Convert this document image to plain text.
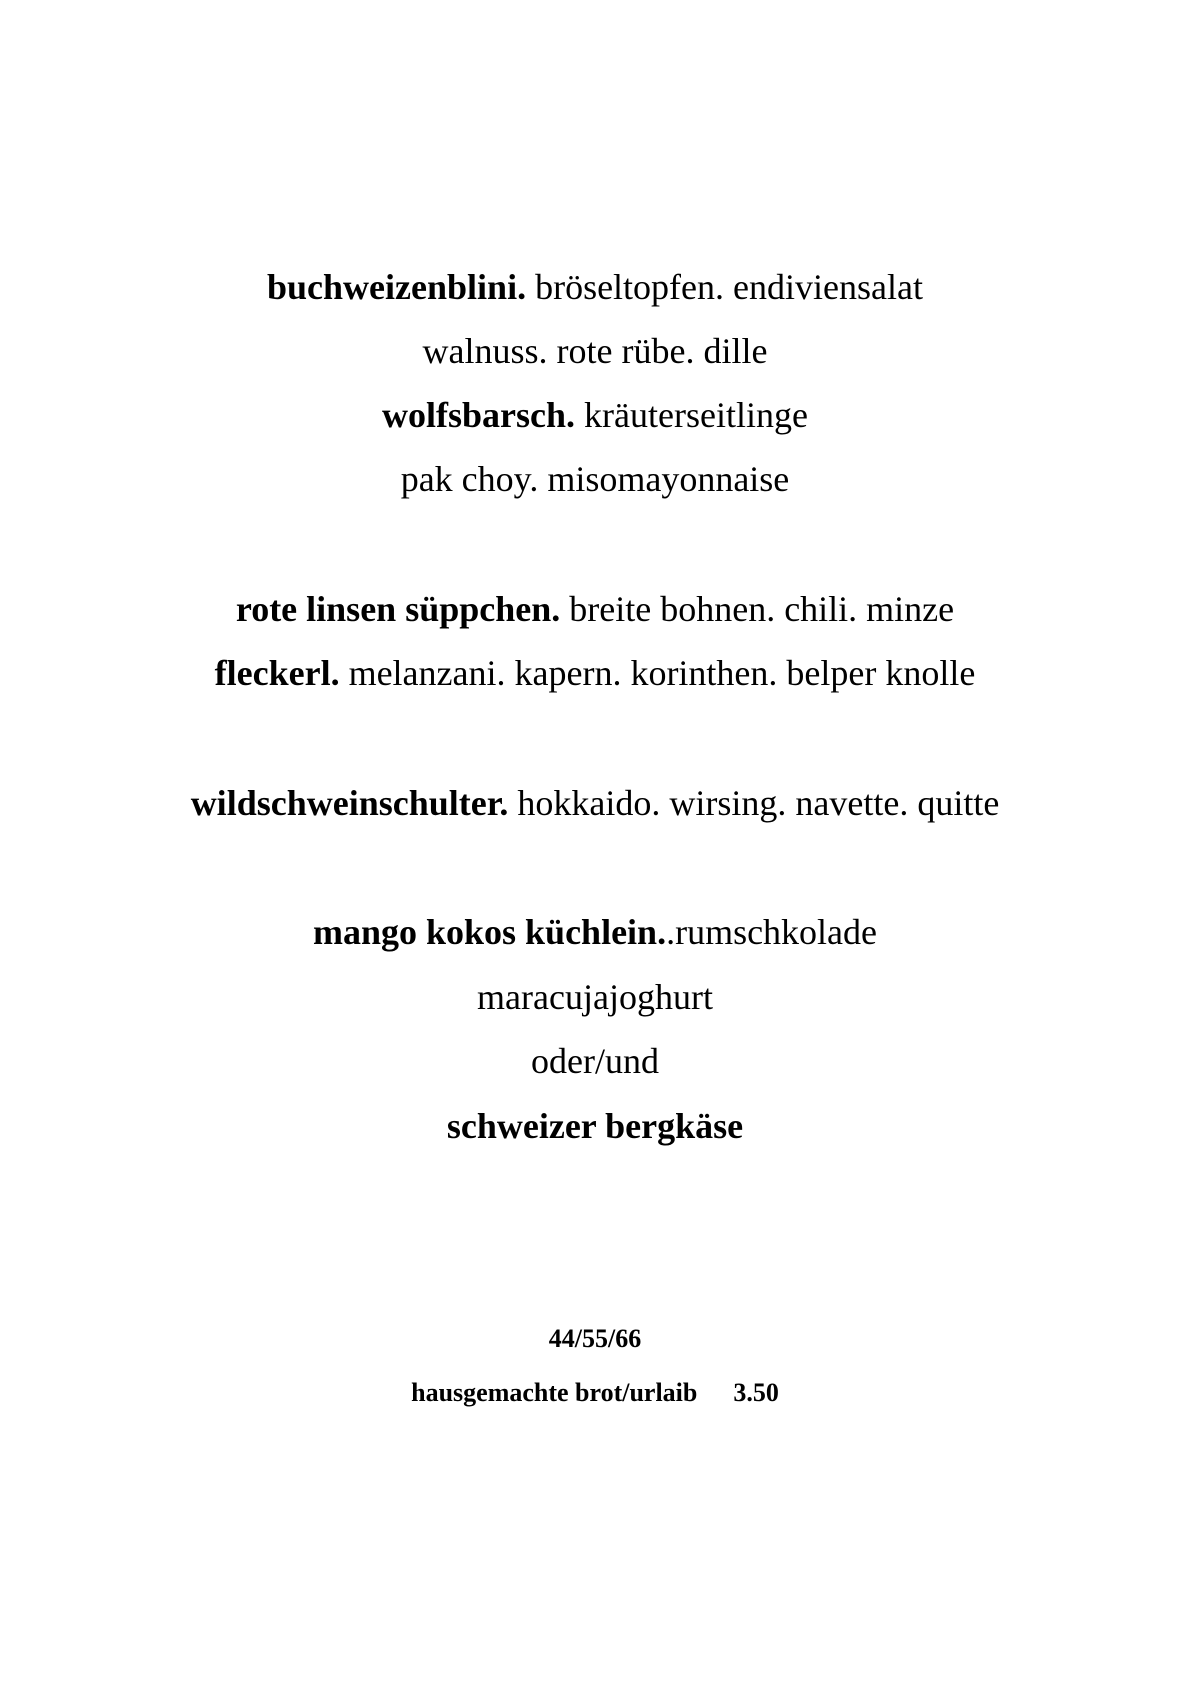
buchweizenblini. bröseltopfen. endiviensalat
walnuss. rote rübe. dille
wolfsbarsch. kräuterseitlinge
pak choy. misomayonnaise
rote linsen süppchen. breite bohnen. chili. minze
fleckerl. melanzani. kapern. korinthen. belper knolle
wildschweinschulter. hokkaido. wirsing. navette. quitte
mango kokos küchlein..rumschkolade
maracujajoghurt
oder/und
schweizer bergkäse
44/55/66
hausgemachte brot/urlaib 3.50
